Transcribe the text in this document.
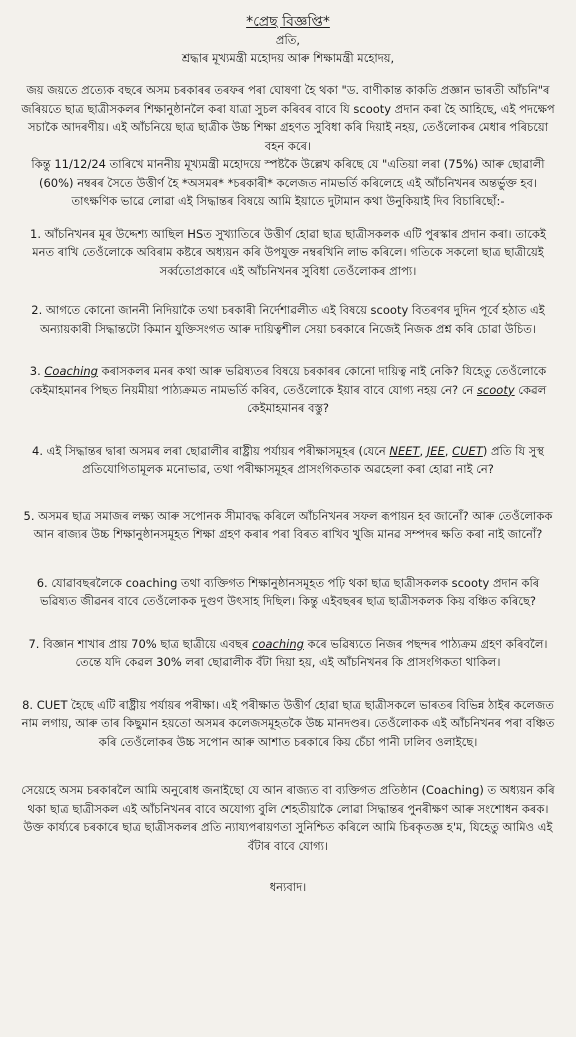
*প্ৰেছ বিজ্ঞপ্তি*
প্ৰতি,
শ্ৰদ্ধাৰ মূখ্যমন্ত্ৰী মহোদয় আৰু শিক্ষামন্ত্ৰী মহোদয়,
জয় জয়তে প্ৰত্যেক বছৰে অসম চৰকাৰৰ তৰফৰ পৰা ঘোষণা হৈ থকা "ড. বাণীকান্ত কাকতি প্ৰজ্ঞান ভাৰতী আঁচনি"ৰ জৰিয়তে ছাত্ৰ ছাত্ৰীসকলৰ শিক্ষানুষ্ঠানলৈ কৰা যাত্ৰা সুচল কৰিবৰ বাবে যি scooty প্ৰদান কৰা হৈ আহিছে, এই পদক্ষেপ সচাকৈ আদৰণীয়। এই আঁচনিয়ে ছাত্ৰ ছাত্ৰীক উচ্চ শিক্ষা গ্ৰহণত সুবিধা কৰি দিয়াই নহয়, তেওঁলোকৰ মেধাৰ পৰিচয়ো বহন কৰে।
কিন্তু 11/12/24 তাৰিখে মাননীয় মূখ্যমন্ত্ৰী মহোদয়ে স্পষ্টকৈ উল্লেখ কৰিছে যে "এতিয়া লৰা (75%) আৰু ছোৱালী (60%) নম্বৰৰ সৈতে উত্তীৰ্ণ হৈ *অসমৰ* *চৰকাৰী* কলেজত নামভৰ্তি কৰিলেহে এই আঁচনিখনৰ অন্তৰ্ভুক্ত হব। তাৎক্ষণিক ভাৱে লোৱা এই সিদ্ধান্তৰ বিষয়ে আমি ইয়াতে দুটামান কথা উনুকিয়াই দিব বিচাৰিছোঁ:-
1. আঁচনিখনৰ মূৰ উদ্দেশ্য আছিল HSত সুখ্যাতিৰে উত্তীৰ্ণ হোৱা ছাত্ৰ ছাত্ৰীসকলক এটি পুৰস্কাৰ প্ৰদান কৰা। তাকেই মনত ৰাখি তেওঁলোকে অবিৰাম কষ্টৰে অধ্যয়ন কৰি উপযুক্ত নম্বৰখিনি লাভ কৰিলে। গতিকে সকলো ছাত্ৰ ছাত্ৰীয়েই সৰ্ব্বতোপ্ৰকাৰে এই আঁচনিখনৰ সুবিধা তেওঁলোকৰ প্ৰাপ্য।
2. আগতে কোনো জাননী নিদিয়াকৈ তথা চৰকাৰী নিৰ্দেশাৱলীত এই বিষয়ে scooty বিতৰণৰ দুদিন পূৰ্বে হঠাত এই অন্যায়কাৰী সিদ্ধান্তটো কিমান যুক্তিসংগত আৰু দায়িত্বশীল সেয়া চৰকাৰে নিজেই নিজক প্ৰশ্ন কৰি চোৱা উচিত।
3. Coaching কৰাসকলৰ মনৰ কথা আৰু ভৱিষ্যতৰ বিষয়ে চৰকাৰৰ কোনো দায়িত্ব নাই নেকি? যিহেতু তেওঁলোকে কেইমাহমানৰ পিছত নিয়মীয়া পাঠ্যক্ৰমত নামভৰ্তি কৰিব, তেওঁলোকে ইয়াৰ বাবে যোগ্য নহয় নে? নে scooty কেৱল কেইমাহমানৰ বস্তু?
4. এই সিদ্ধান্তৰ দ্বাৰা অসমৰ লৰা ছোৱালীৰ ৰাষ্ট্ৰীয় পৰ্যায়ৰ পৰীক্ষাসমূহৰ (যেনে NEET, JEE, CUET) প্ৰতি যি সুস্থ প্ৰতিযোগিতামূলক মনোভাৱ, তথা পৰীক্ষাসমূহৰ প্ৰাসংগিকতাক অৱহেলা কৰা হোৱা নাই নে?
5. অসমৰ ছাত্ৰ সমাজৰ লক্ষ্য আৰু সপোনক সীমাবদ্ধ কৰিলে আঁচনিখনৰ সফল ৰূপায়ন হব জানোঁ? আৰু তেওঁলোকক আন ৰাজ্যৰ উচ্চ শিক্ষানুষ্ঠানসমূহত শিক্ষা গ্ৰহণ কৰাৰ পৰা বিৰত ৰাখিব খুজি মানৱ সম্পদৰ ক্ষতি কৰা নাই জানোঁ?
6. যোৱাবছৰলৈকে coaching তথা ব্যক্তিগত শিক্ষানুষ্ঠানসমূহত পঢ়ি থকা ছাত্ৰ ছাত্ৰীসকলক scooty প্ৰদান কৰি ভৱিষ্যত জীৱনৰ বাবে তেওঁলোকক দুগুণ উৎসাহ দিছিল। কিন্তু এইবছৰৰ ছাত্ৰ ছাত্ৰীসকলক কিয় বঞ্চিত কৰিছে?
7. বিজ্ঞান শাখাৰ প্ৰায় 70% ছাত্ৰ ছাত্ৰীয়ে এবছৰ coaching কৰে ভৱিষ্যতে নিজৰ পছন্দৰ পাঠ্যক্ৰম গ্ৰহণ কৰিবলৈ। তেন্তে যদি কেৱল 30% লৰা ছোৱালীক বঁটা দিয়া হয়, এই আঁচনিখনৰ কি প্ৰাসংগিকতা থাকিল।
8. CUET হৈছে এটি ৰাষ্ট্ৰীয় পৰ্যায়ৰ পৰীক্ষা। এই পৰীক্ষাত উত্তীৰ্ণ হোৱা ছাত্ৰ ছাত্ৰীসকলে ভাৰতৰ বিভিন্ন ঠাইৰ কলেজত নাম লগায়, আৰু তাৰ কিছুমান হয়তো অসমৰ কলেজসমূহতকৈ উচ্চ মানদণ্ডৰ। তেওঁলোকক এই আঁচনিখনৰ পৰা বঞ্চিত কৰি তেওঁলোকৰ উচ্চ সপোন আৰু আশাত চৰকাৰে কিয় চেঁচা পানী ঢালিব ওলাইছে।
সেয়েহে অসম চৰকাৰলৈ আমি অনুৰোধ জনাইছো যে আন ৰাজ্যত বা ব্যক্তিগত প্ৰতিষ্ঠান (Coaching) ত অধ্যয়ন কৰি থকা ছাত্ৰ ছাত্ৰীসকল এই আঁচনিখনৰ বাবে অযোগ্য বুলি শেহতীয়াকৈ লোৱা সিদ্ধান্তৰ পুনৰীক্ষণ আৰু সংশোধন কৰক।
উক্ত কাৰ্য্যৰে চৰকাৰে ছাত্ৰ ছাত্ৰীসকলৰ প্ৰতি ন্যায্যপৰায়ণতা সুনিশ্চিত কৰিলে আমি চিৰকৃতজ্ঞ হ'ম, যিহেতু আমিও এই বঁটাৰ বাবে যোগ্য।
ধন্যবাদ।
